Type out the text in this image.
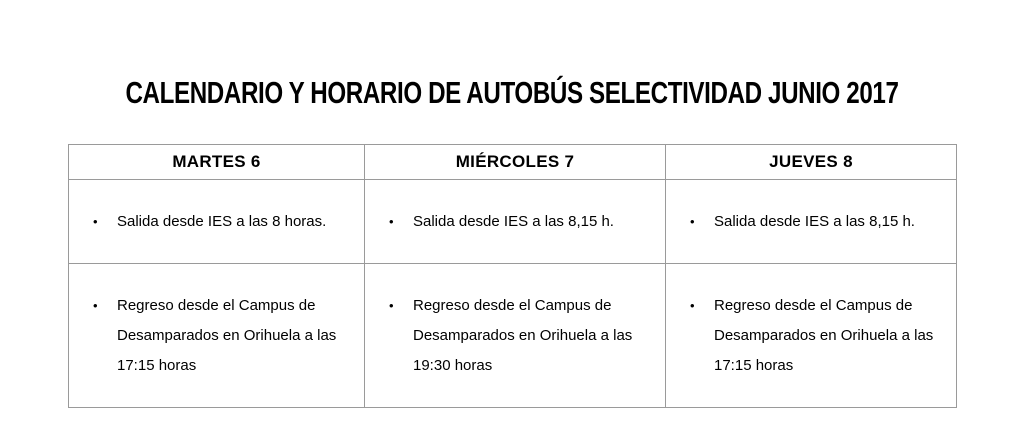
CALENDARIO Y HORARIO DE AUTOBÚS SELECTIVIDAD JUNIO 2017
MARTES 6	MIÉRCOLES 7	JUEVES 8

• Salida desde IES a las 8 horas.	• Salida desde IES a las 8,15 h.	• Salida desde IES a las 8,15 h.

• Regreso desde el Campus de Desamparados en Orihuela a las 17:15 horas	• Regreso desde el Campus de Desamparados en Orihuela a las 19:30 horas	• Regreso desde el Campus de Desamparados en Orihuela a las 17:15 horas
